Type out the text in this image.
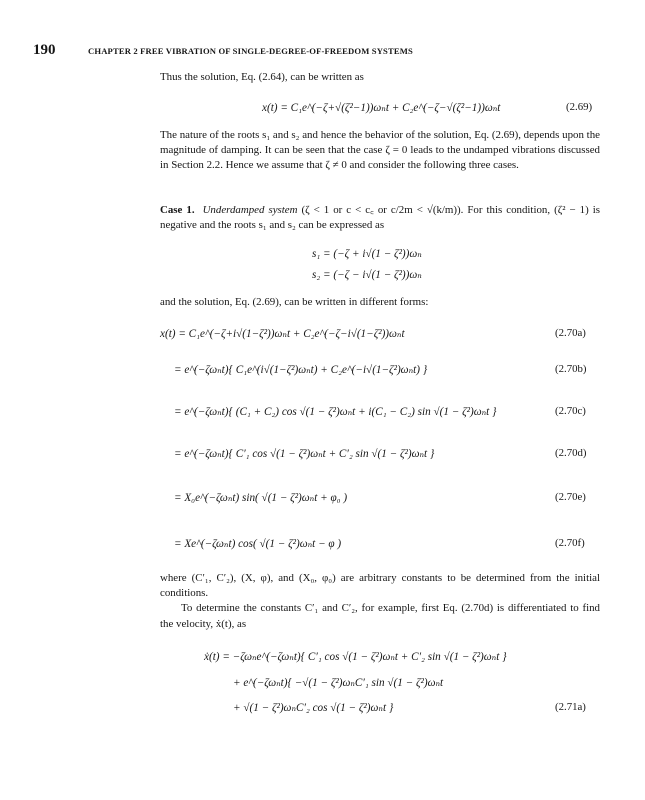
190	CHAPTER 2 FREE VIBRATION OF SINGLE-DEGREE-OF-FREEDOM SYSTEMS

Thus the solution, Eq. (2.64), can be written as

x(t) = C₁e^(−ζ+√(ζ²−1))ωₙt + C₂e^(−ζ−√(ζ²−1))ωₙt	(2.69)

The nature of the roots s₁ and s₂ and hence the behavior of the solution, Eq. (2.69), depends upon the magnitude of damping. It can be seen that the case ζ = 0 leads to the undamped vibrations discussed in Section 2.2. Hence we assume that ζ ≠ 0 and consider the following three cases.

Case 1. Underdamped system (ζ < 1 or c < c꜀ or c/2m < √(k/m)). For this condition, (ζ² − 1) is negative and the roots s₁ and s₂ can be expressed as

s₁ = (−ζ + i√(1 − ζ²))ωₙ
s₂ = (−ζ − i√(1 − ζ²))ωₙ

and the solution, Eq. (2.69), can be written in different forms:

x(t) = C₁e^(−ζ+i√(1−ζ²))ωₙt + C₂e^(−ζ−i√(1−ζ²))ωₙt	(2.70a)
= e^(−ζωₙt){ C₁e^(i√(1−ζ²)ωₙt) + C₂e^(−i√(1−ζ²)ωₙt) }	(2.70b)
= e^(−ζωₙt){ (C₁ + C₂) cos √(1 − ζ²)ωₙt + i(C₁ − C₂) sin √(1 − ζ²)ωₙt }	(2.70c)
= e^(−ζωₙt){ C′₁ cos √(1 − ζ²)ωₙt + C′₂ sin √(1 − ζ²)ωₙt }	(2.70d)
= X₀e^(−ζωₙt) sin( √(1 − ζ²)ωₙt + φ₀ )	(2.70e)
= Xe^(−ζωₙt) cos( √(1 − ζ²)ωₙt − φ )	(2.70f)

where (C′₁, C′₂), (X, φ), and (X₀, φ₀) are arbitrary constants to be determined from the initial conditions.

To determine the constants C′₁ and C′₂, for example, first Eq. (2.70d) is differentiated to find the velocity, ẋ(t), as

ẋ(t) = −ζωₙe^(−ζωₙt){ C′₁ cos √(1 − ζ²)ωₙt + C′₂ sin √(1 − ζ²)ωₙt }
+ e^(−ζωₙt){ −√(1 − ζ²)ωₙC′₁ sin √(1 − ζ²)ωₙt
+ √(1 − ζ²)ωₙC′₂ cos √(1 − ζ²)ωₙt }	(2.71a)
